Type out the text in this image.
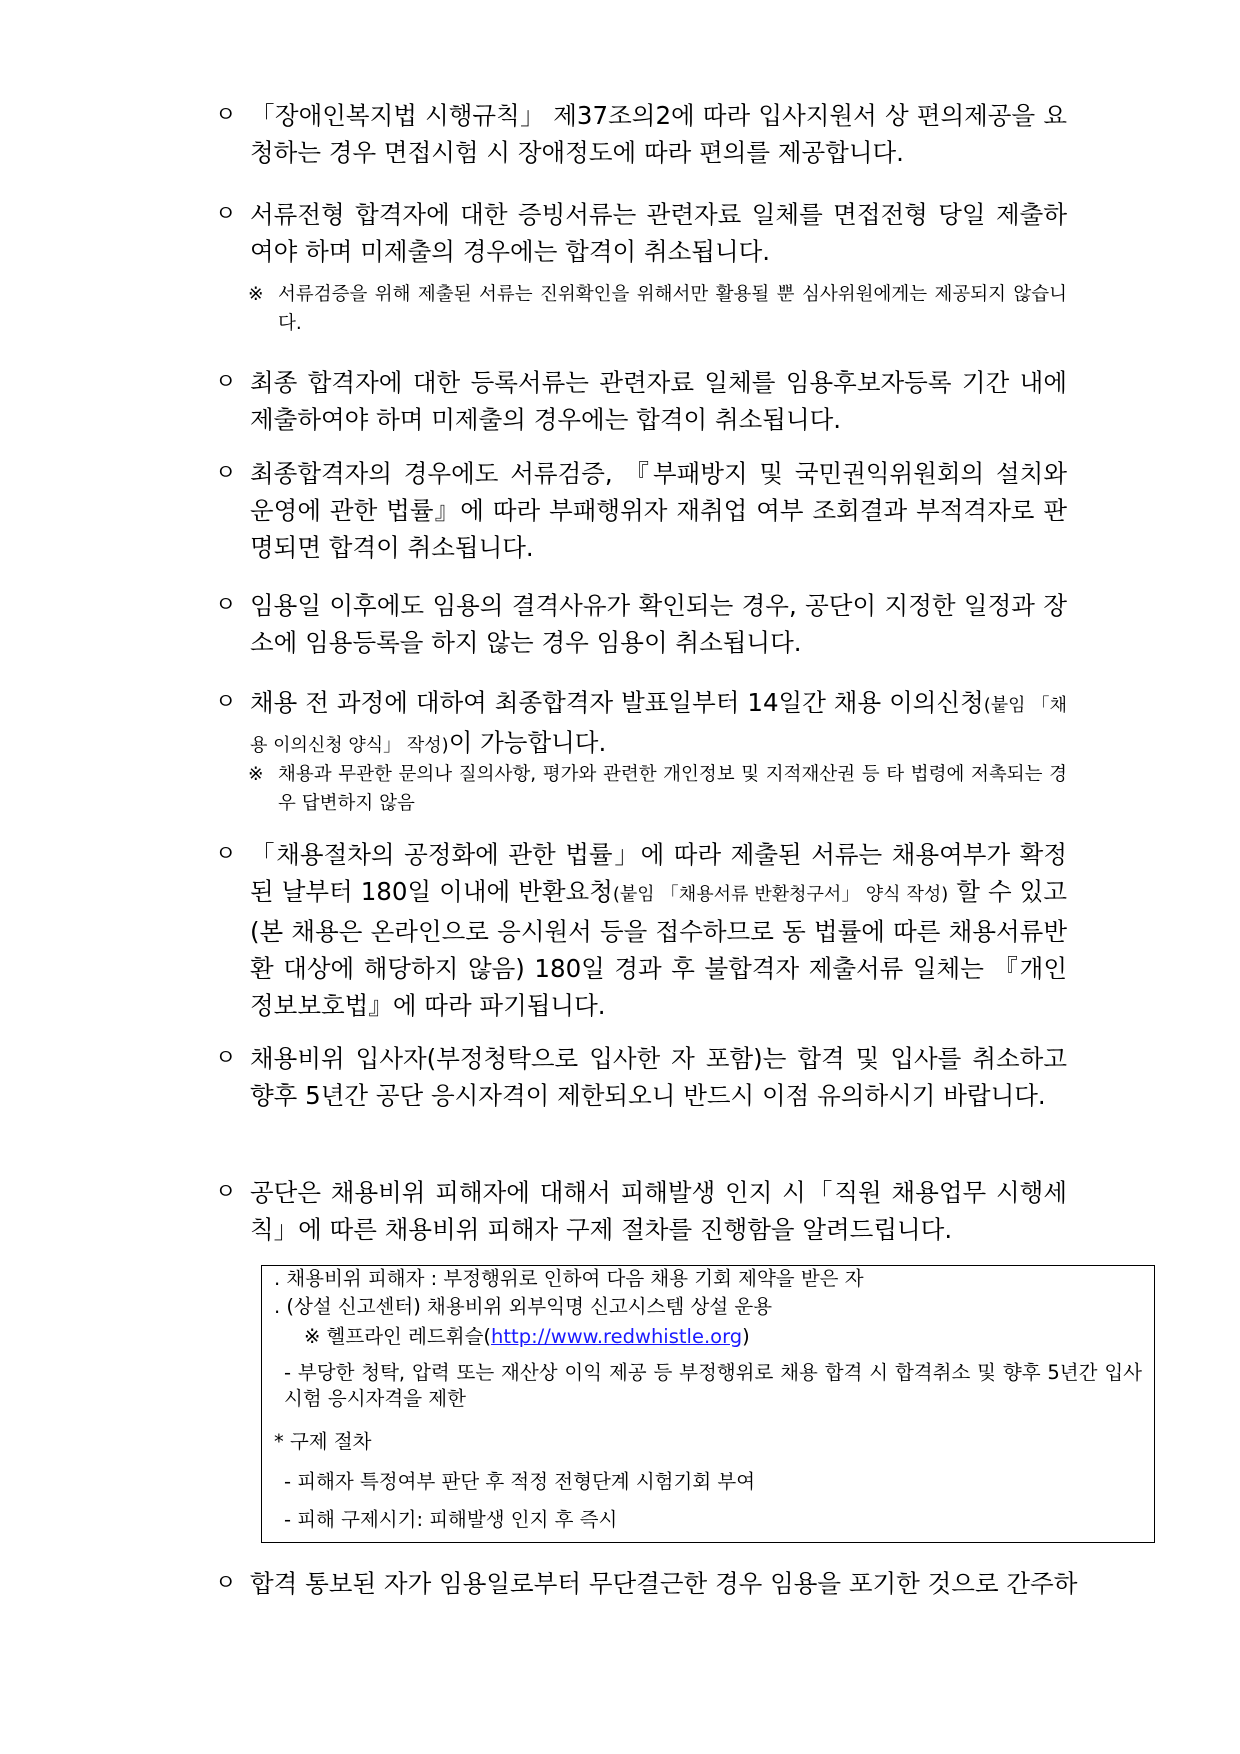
ㅇ 「장애인복지법 시행규칙」 제37조의2에 따라 입사지원서 상 편의제공을 요청하는 경우 면접시험 시 장애정도에 따라 편의를 제공합니다.
ㅇ 서류전형 합격자에 대한 증빙서류는 관련자료 일체를 면접전형 당일 제출하여야 하며 미제출의 경우에는 합격이 취소됩니다.
※ 서류검증을 위해 제출된 서류는 진위확인을 위해서만 활용될 뿐 심사위원에게는 제공되지 않습니다.
ㅇ 최종 합격자에 대한 등록서류는 관련자료 일체를 임용후보자등록 기간 내에 제출하여야 하며 미제출의 경우에는 합격이 취소됩니다.
ㅇ 최종합격자의 경우에도 서류검증, 『부패방지 및 국민권익위원회의 설치와 운영에 관한 법률』에 따라 부패행위자 재취업 여부 조회결과 부적격자로 판명되면 합격이 취소됩니다.
ㅇ 임용일 이후에도 임용의 결격사유가 확인되는 경우, 공단이 지정한 일정과 장소에 임용등록을 하지 않는 경우 임용이 취소됩니다.
ㅇ 채용 전 과정에 대하여 최종합격자 발표일부터 14일간 채용 이의신청(붙임 「채용 이의신청 양식」 작성)이 가능합니다.
※ 채용과 무관한 문의나 질의사항, 평가와 관련한 개인정보 및 지적재산권 등 타 법령에 저촉되는 경우 답변하지 않음
ㅇ 「채용절차의 공정화에 관한 법률」에 따라 제출된 서류는 채용여부가 확정된 날부터 180일 이내에 반환요청(붙임 「채용서류 반환청구서」 양식 작성) 할 수 있고(본 채용은 온라인으로 응시원서 등을 접수하므로 동 법률에 따른 채용서류반환 대상에 해당하지 않음) 180일 경과 후 불합격자 제출서류 일체는 『개인정보보호법』에 따라 파기됩니다.
ㅇ 채용비위 입사자(부정청탁으로 입사한 자 포함)는 합격 및 입사를 취소하고 향후 5년간 공단 응시자격이 제한되오니 반드시 이점 유의하시기 바랍니다.
ㅇ 공단은 채용비위 피해자에 대해서 피해발생 인지 시「직원 채용업무 시행세칙」에 따른 채용비위 피해자 구제 절차를 진행함을 알려드립니다.
. 채용비위 피해자 : 부정행위로 인하여 다음 채용 기회 제약을 받은 자
. (상설 신고센터) 채용비위 외부익명 신고시스템 상설 운용
※ 헬프라인 레드휘슬(http://www.redwhistle.org)
- 부당한 청탁, 압력 또는 재산상 이익 제공 등 부정행위로 채용 합격 시 합격취소 및 향후 5년간 입사시험 응시자격을 제한
* 구제 절차
- 피해자 특정여부 판단 후 적정 전형단계 시험기회 부여
- 피해 구제시기: 피해발생 인지 후 즉시
ㅇ 합격 통보된 자가 임용일로부터 무단결근한 경우 임용을 포기한 것으로 간주하
